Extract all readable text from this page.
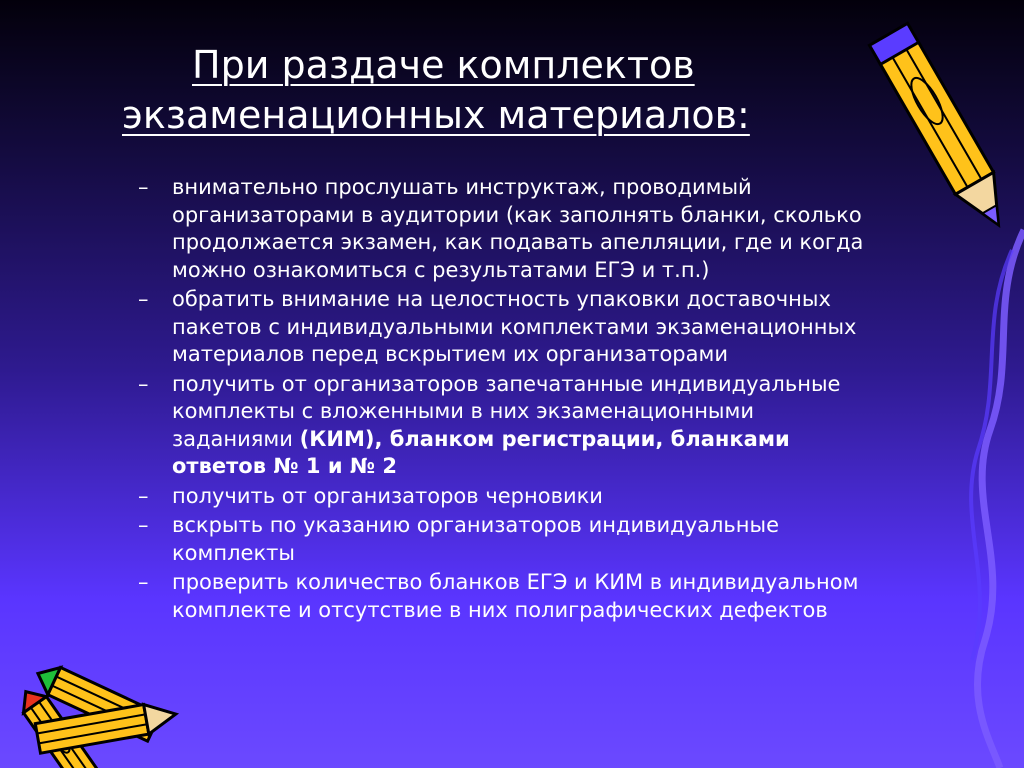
При раздаче комплектов
экзаменационных материалов:
– внимательно прослушать инструктаж, проводимый организаторами в аудитории (как заполнять бланки, сколько продолжается экзамен, как подавать апелляции, где и когда можно ознакомиться с результатами ЕГЭ и т.п.)
– обратить внимание на целостность упаковки доставочных пакетов с индивидуальными комплектами экзаменационных материалов перед вскрытием их организаторами
– получить от организаторов запечатанные индивидуальные комплекты с вложенными в них экзаменационными заданиями (КИМ), бланком регистрации, бланками ответов № 1 и № 2
– получить от организаторов черновики
– вскрыть по указанию организаторов индивидуальные комплекты
– проверить количество бланков ЕГЭ и КИМ в индивидуальном комплекте и отсутствие в них полиграфических дефектов
